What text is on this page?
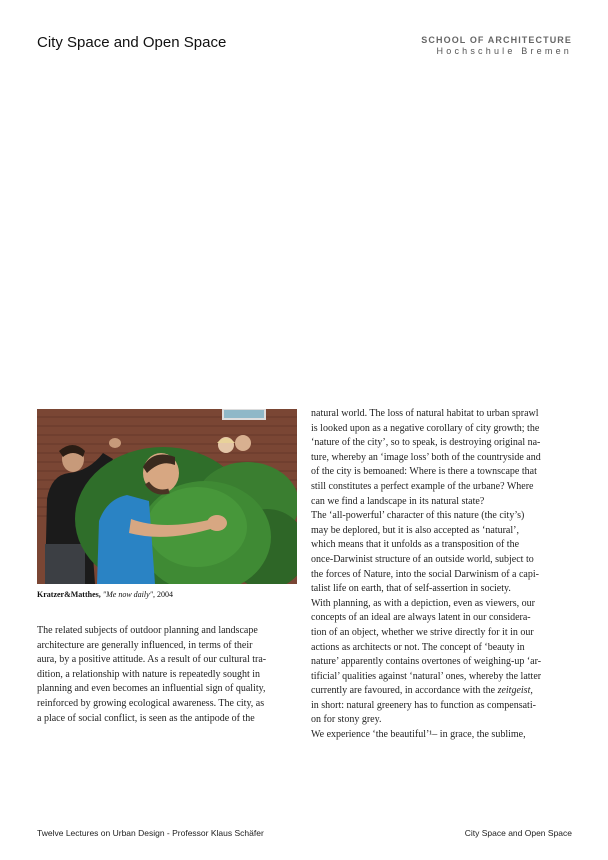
City Space and Open Space	SCHOOL OF ARCHITECTURE
Hochschule Bremen
Kratzer&Matthes, "Me now daily", 2004
The related subjects of outdoor planning and landscape
architecture are generally influenced, in terms of their
aura, by a positive attitude. As a result of our cultural tra-
dition, a relationship with nature is repeatedly sought in
planning and even becomes an influential sign of quality,
reinforced by growing ecological awareness. The city, as
a place of social conflict, is seen as the antipode of the
natural world. The loss of natural habitat to urban sprawl
is looked upon as a negative corollary of city growth; the
‘nature of the city’, so to speak, is destroying original na-
ture, whereby an ‘image loss’ both of the countryside and
of the city is bemoaned: Where is there a townscape that
still constitutes a perfect example of the urbane? Where
can we find a landscape in its natural state?
The ‘all-powerful’ character of this nature (the city’s)
may be deplored, but it is also accepted as ‘natural’,
which means that it unfolds as a transposition of the
once-Darwinist structure of an outside world, subject to
the forces of Nature, into the social Darwinism of a capi-
talist life on earth, that of self-assertion in society.
With planning, as with a depiction, even as viewers, our
concepts of an ideal are always latent in our considera-
tion of an object, whether we strive directly for it in our
actions as architects or not. The concept of ‘beauty in
nature’ apparently contains overtones of weighing-up ‘ar-
tificial’ qualities against ‘natural’ ones, whereby the latter
currently are favoured, in accordance with the zeitgeist,
in short: natural greenery has to function as compensati-
on for stony grey.
We experience ‘the beautiful’¹– in grace, the sublime,
Twelve Lectures on Urban Design - Professor Klaus Schäfer	City Space and Open Space
